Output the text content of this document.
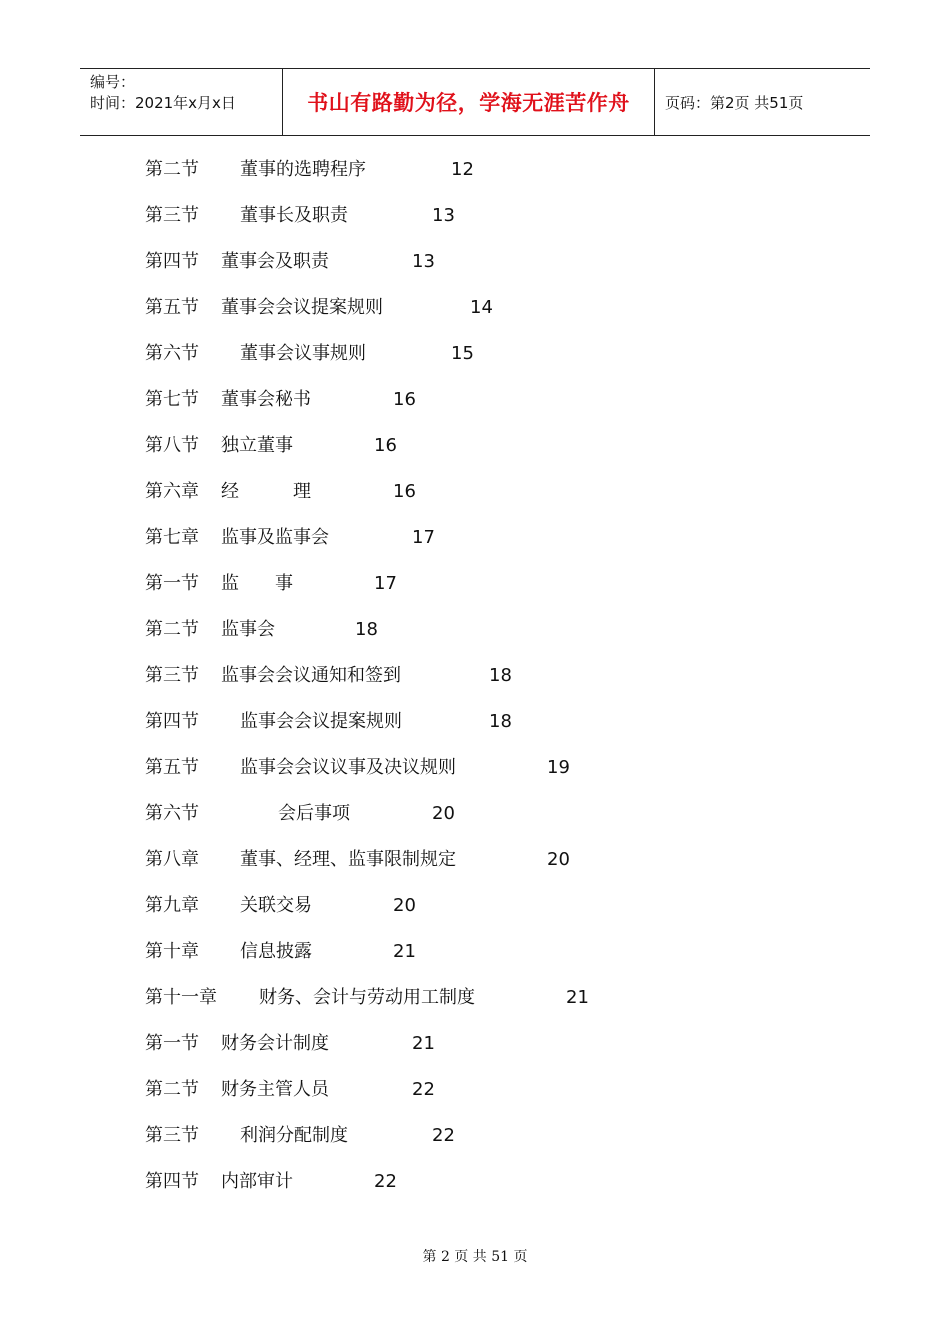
编号：
时间：2021年x月x日	书山有路勤为径，学海无涯苦作舟 页码：第2页 共51页
第二节 董事的选聘程序	12
第三节 董事长及职责	13
第四节 董事会及职责	13
第五节 董事会会议提案规则	14
第六节 董事会议事规则	15
第七节 董事会秘书	16
第八节 独立董事	16
第六章 经　　　理	16
第七章 监事及监事会	17
第一节 监　　事	17
第二节 监事会	18
第三节 监事会会议通知和签到	18
第四节 监事会会议提案规则	18
第五节 监事会会议议事及决议规则	19
第六节	会后事项	20
第八章 董事、经理、监事限制规定	20
第九章 关联交易	20
第十章 信息披露	21
第十一章 财务、会计与劳动用工制度	21
第一节 财务会计制度	21
第二节 财务主管人员	22
第三节 利润分配制度	22
第四节 内部审计	22
第 2 页 共 51 页
